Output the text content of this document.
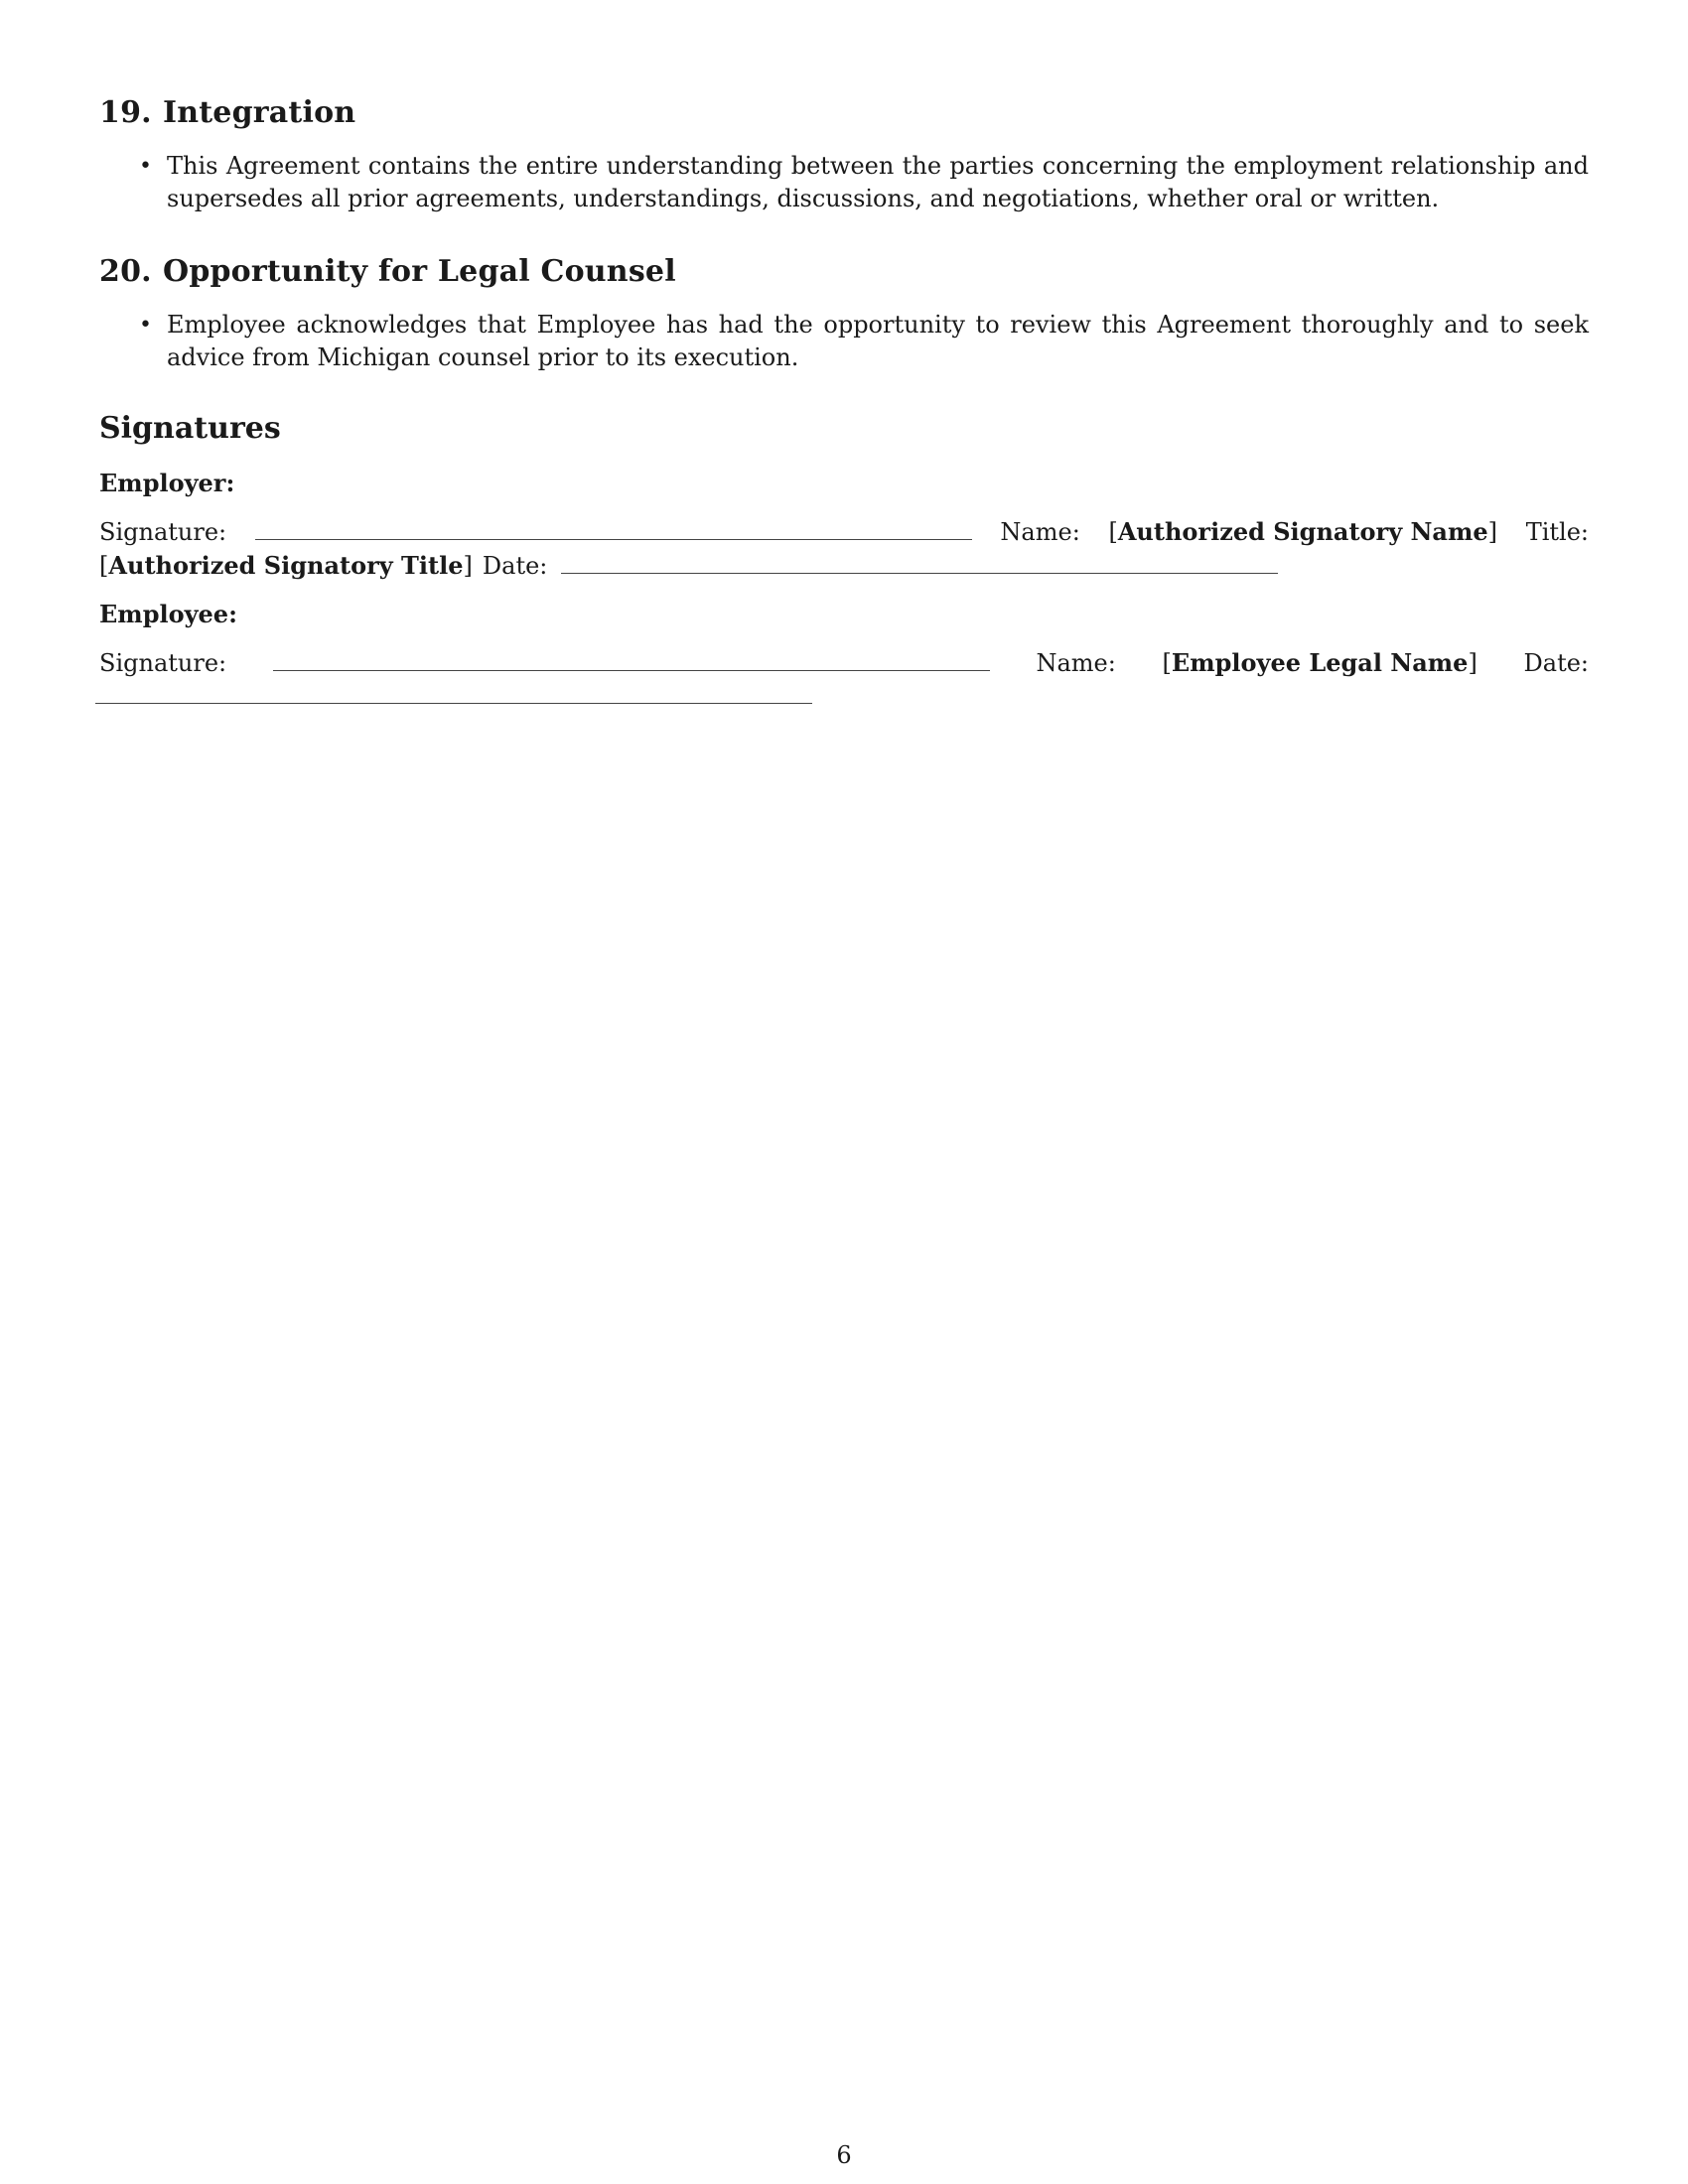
19. Integration
• This Agreement contains the entire understanding between the parties concerning the employment relationship and supersedes all prior agreements, understandings, discussions, and negotiations, whether oral or written.
20. Opportunity for Legal Counsel
• Employee acknowledges that Employee has had the opportunity to review this Agreement thoroughly and to seek advice from Michigan counsel prior to its execution.
Signatures
Employer:
Signature:	Name: [Authorized Signatory Name] Title:
[Authorized Signatory Title] Date:
Employee:
Signature:	Name: [Employee Legal Name] Date:
6
